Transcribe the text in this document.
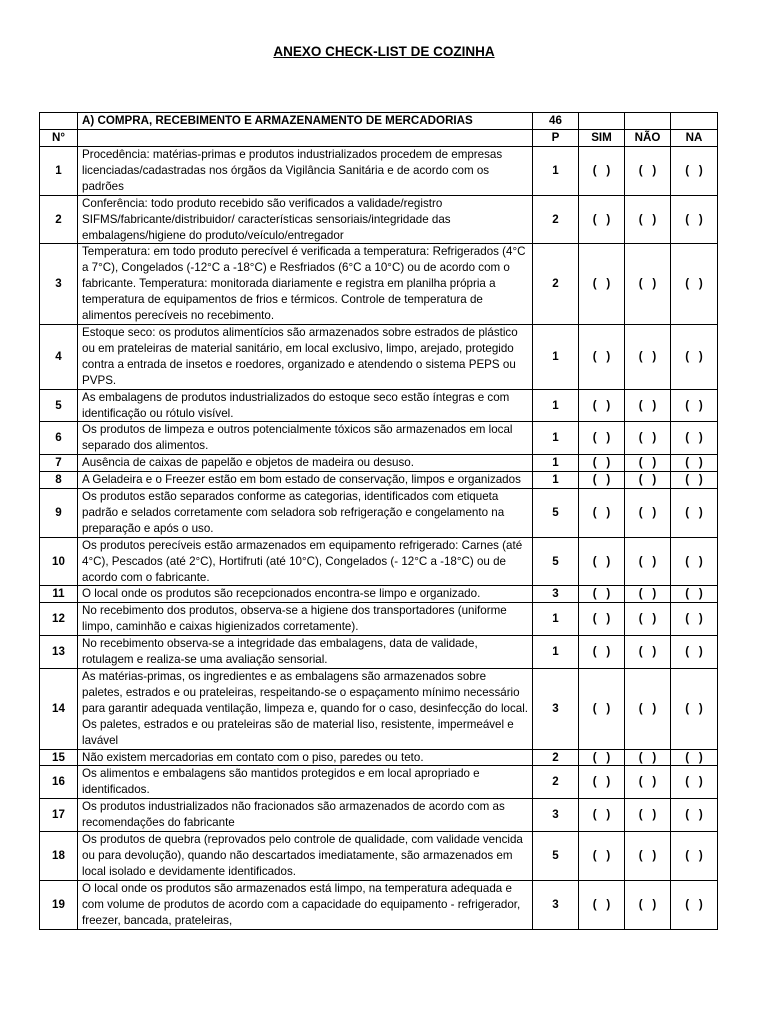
ANEXO CHECK-LIST DE COZINHA
	A) COMPRA, RECEBIMENTO E ARMAZENAMENTO DE MERCADORIAS	46			
N°		P	SIM	NÃO	NA
1	Procedência: matérias-primas e produtos industrializados procedem de empresas licenciadas/cadastradas nos órgãos da Vigilância Sanitária e de acordo com os padrões	1	(   )	(   )	(   )
2	Conferência: todo produto recebido são verificados a validade/registro SIFMS/fabricante/distribuidor/ características sensoriais/integridade das embalagens/higiene do produto/veículo/entregador	2	(   )	(   )	(   )
3	Temperatura: em todo produto perecível é verificada a temperatura: Refrigerados (4°C a 7°C), Congelados (-12°C a -18°C) e Resfriados (6°C a 10°C) ou de acordo com o fabricante. Temperatura: monitorada diariamente e registra em planilha própria a temperatura de equipamentos de frios e térmicos. Controle de temperatura de alimentos perecíveis no recebimento.	2	(   )	(   )	(   )
4	Estoque seco: os produtos alimentícios são armazenados sobre estrados de plástico ou em prateleiras de material sanitário, em local exclusivo, limpo, arejado, protegido contra a entrada de insetos e roedores, organizado e atendendo o sistema PEPS ou PVPS.	1	(   )	(   )	(   )
5	As embalagens de produtos industrializados do estoque seco estão íntegras e com identificação ou rótulo visível.	1	(   )	(   )	(   )
6	Os produtos de limpeza e outros potencialmente tóxicos são armazenados em local separado dos alimentos.	1	(   )	(   )	(   )
7	Ausência de caixas de papelão e objetos de madeira ou desuso.	1	(   )	(   )	(   )
8	A Geladeira e o Freezer estão em bom estado de conservação, limpos e organizados	1	(   )	(   )	(   )
9	Os produtos estão separados conforme as categorias, identificados com etiqueta padrão e selados corretamente com seladora sob refrigeração e congelamento na preparação e após o uso.	5	(   )	(   )	(   )
10	Os produtos perecíveis estão armazenados em equipamento refrigerado: Carnes (até 4°C), Pescados (até 2°C), Hortifruti (até 10°C), Congelados (- 12°C a -18°C) ou de acordo com o fabricante.	5	(   )	(   )	(   )
11	O local onde os produtos são recepcionados encontra-se limpo e organizado.	3	(   )	(   )	(   )
12	No recebimento dos produtos, observa-se a higiene dos transportadores (uniforme limpo, caminhão e caixas higienizados corretamente).	1	(   )	(   )	(   )
13	No recebimento observa-se a integridade das embalagens, data de validade, rotulagem e realiza-se uma avaliação sensorial.	1	(   )	(   )	(   )
14	As matérias-primas, os ingredientes e as embalagens são armazenados sobre paletes, estrados e ou prateleiras, respeitando-se o espaçamento mínimo necessário para garantir adequada ventilação, limpeza e, quando for o caso, desinfecção do local. Os paletes, estrados e ou prateleiras são de material liso, resistente, impermeável e lavável	3	(   )	(   )	(   )
15	Não existem mercadorias em contato com o piso, paredes ou teto.	2	(   )	(   )	(   )
16	Os alimentos e embalagens são mantidos protegidos e em local apropriado e identificados.	2	(   )	(   )	(   )
17	Os produtos industrializados não fracionados são armazenados de acordo com as recomendações do fabricante	3	(   )	(   )	(   )
18	Os produtos de quebra (reprovados pelo controle de qualidade, com validade vencida ou para devolução), quando não descartados imediatamente, são armazenados em local isolado e devidamente identificados.	5	(   )	(   )	(   )
19	O local onde os produtos são armazenados está limpo, na temperatura adequada e com volume de produtos de acordo com a capacidade do equipamento - refrigerador, freezer, bancada, prateleiras,	3	(   )	(   )	(   )
